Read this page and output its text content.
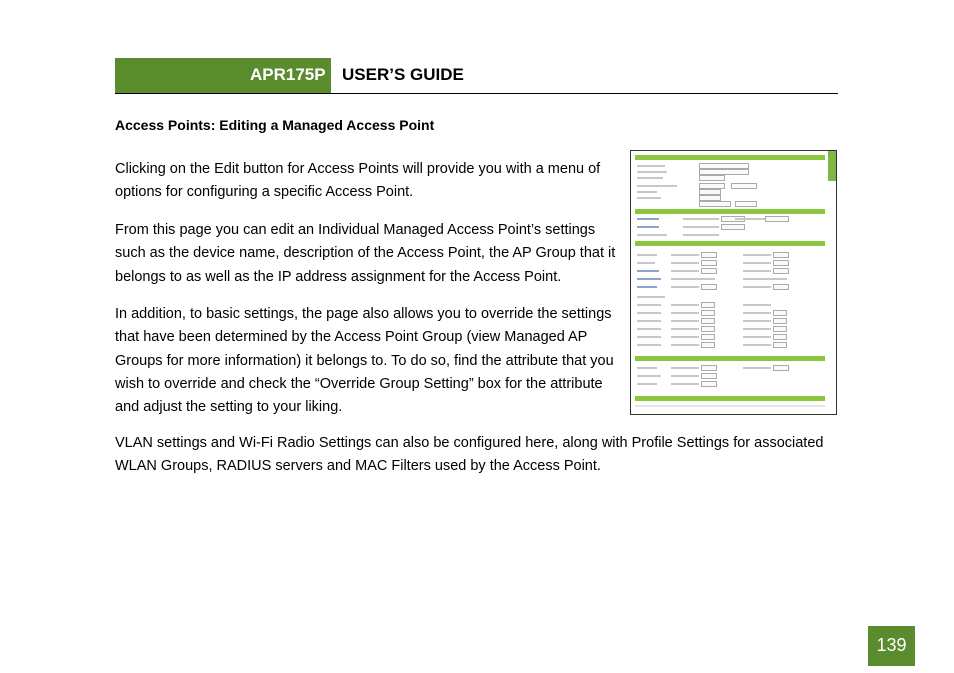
APR175P USER’S GUIDE
Access Points: Editing a Managed Access Point

Clicking on the Edit button for Access Points will provide you with a menu of options for configuring a specific Access Point.

From this page you can edit an Individual Managed Access Point’s settings such as the device name, description of the Access Point, the AP Group that it belongs to as well as the IP address assignment for the Access Point.

In addition, to basic settings, the page also allows you to override the settings that have been determined by the Access Point Group (view Managed AP Groups for more information) it belongs to. To do so, find the attribute that you wish to override and check the “Override Group Setting” box for the attribute and adjust the setting to your liking.

VLAN settings and Wi-Fi Radio Settings can also be configured here, along with Profile Settings for associated WLAN Groups, RADIUS servers and MAC Filters used by the Access Point.

139
